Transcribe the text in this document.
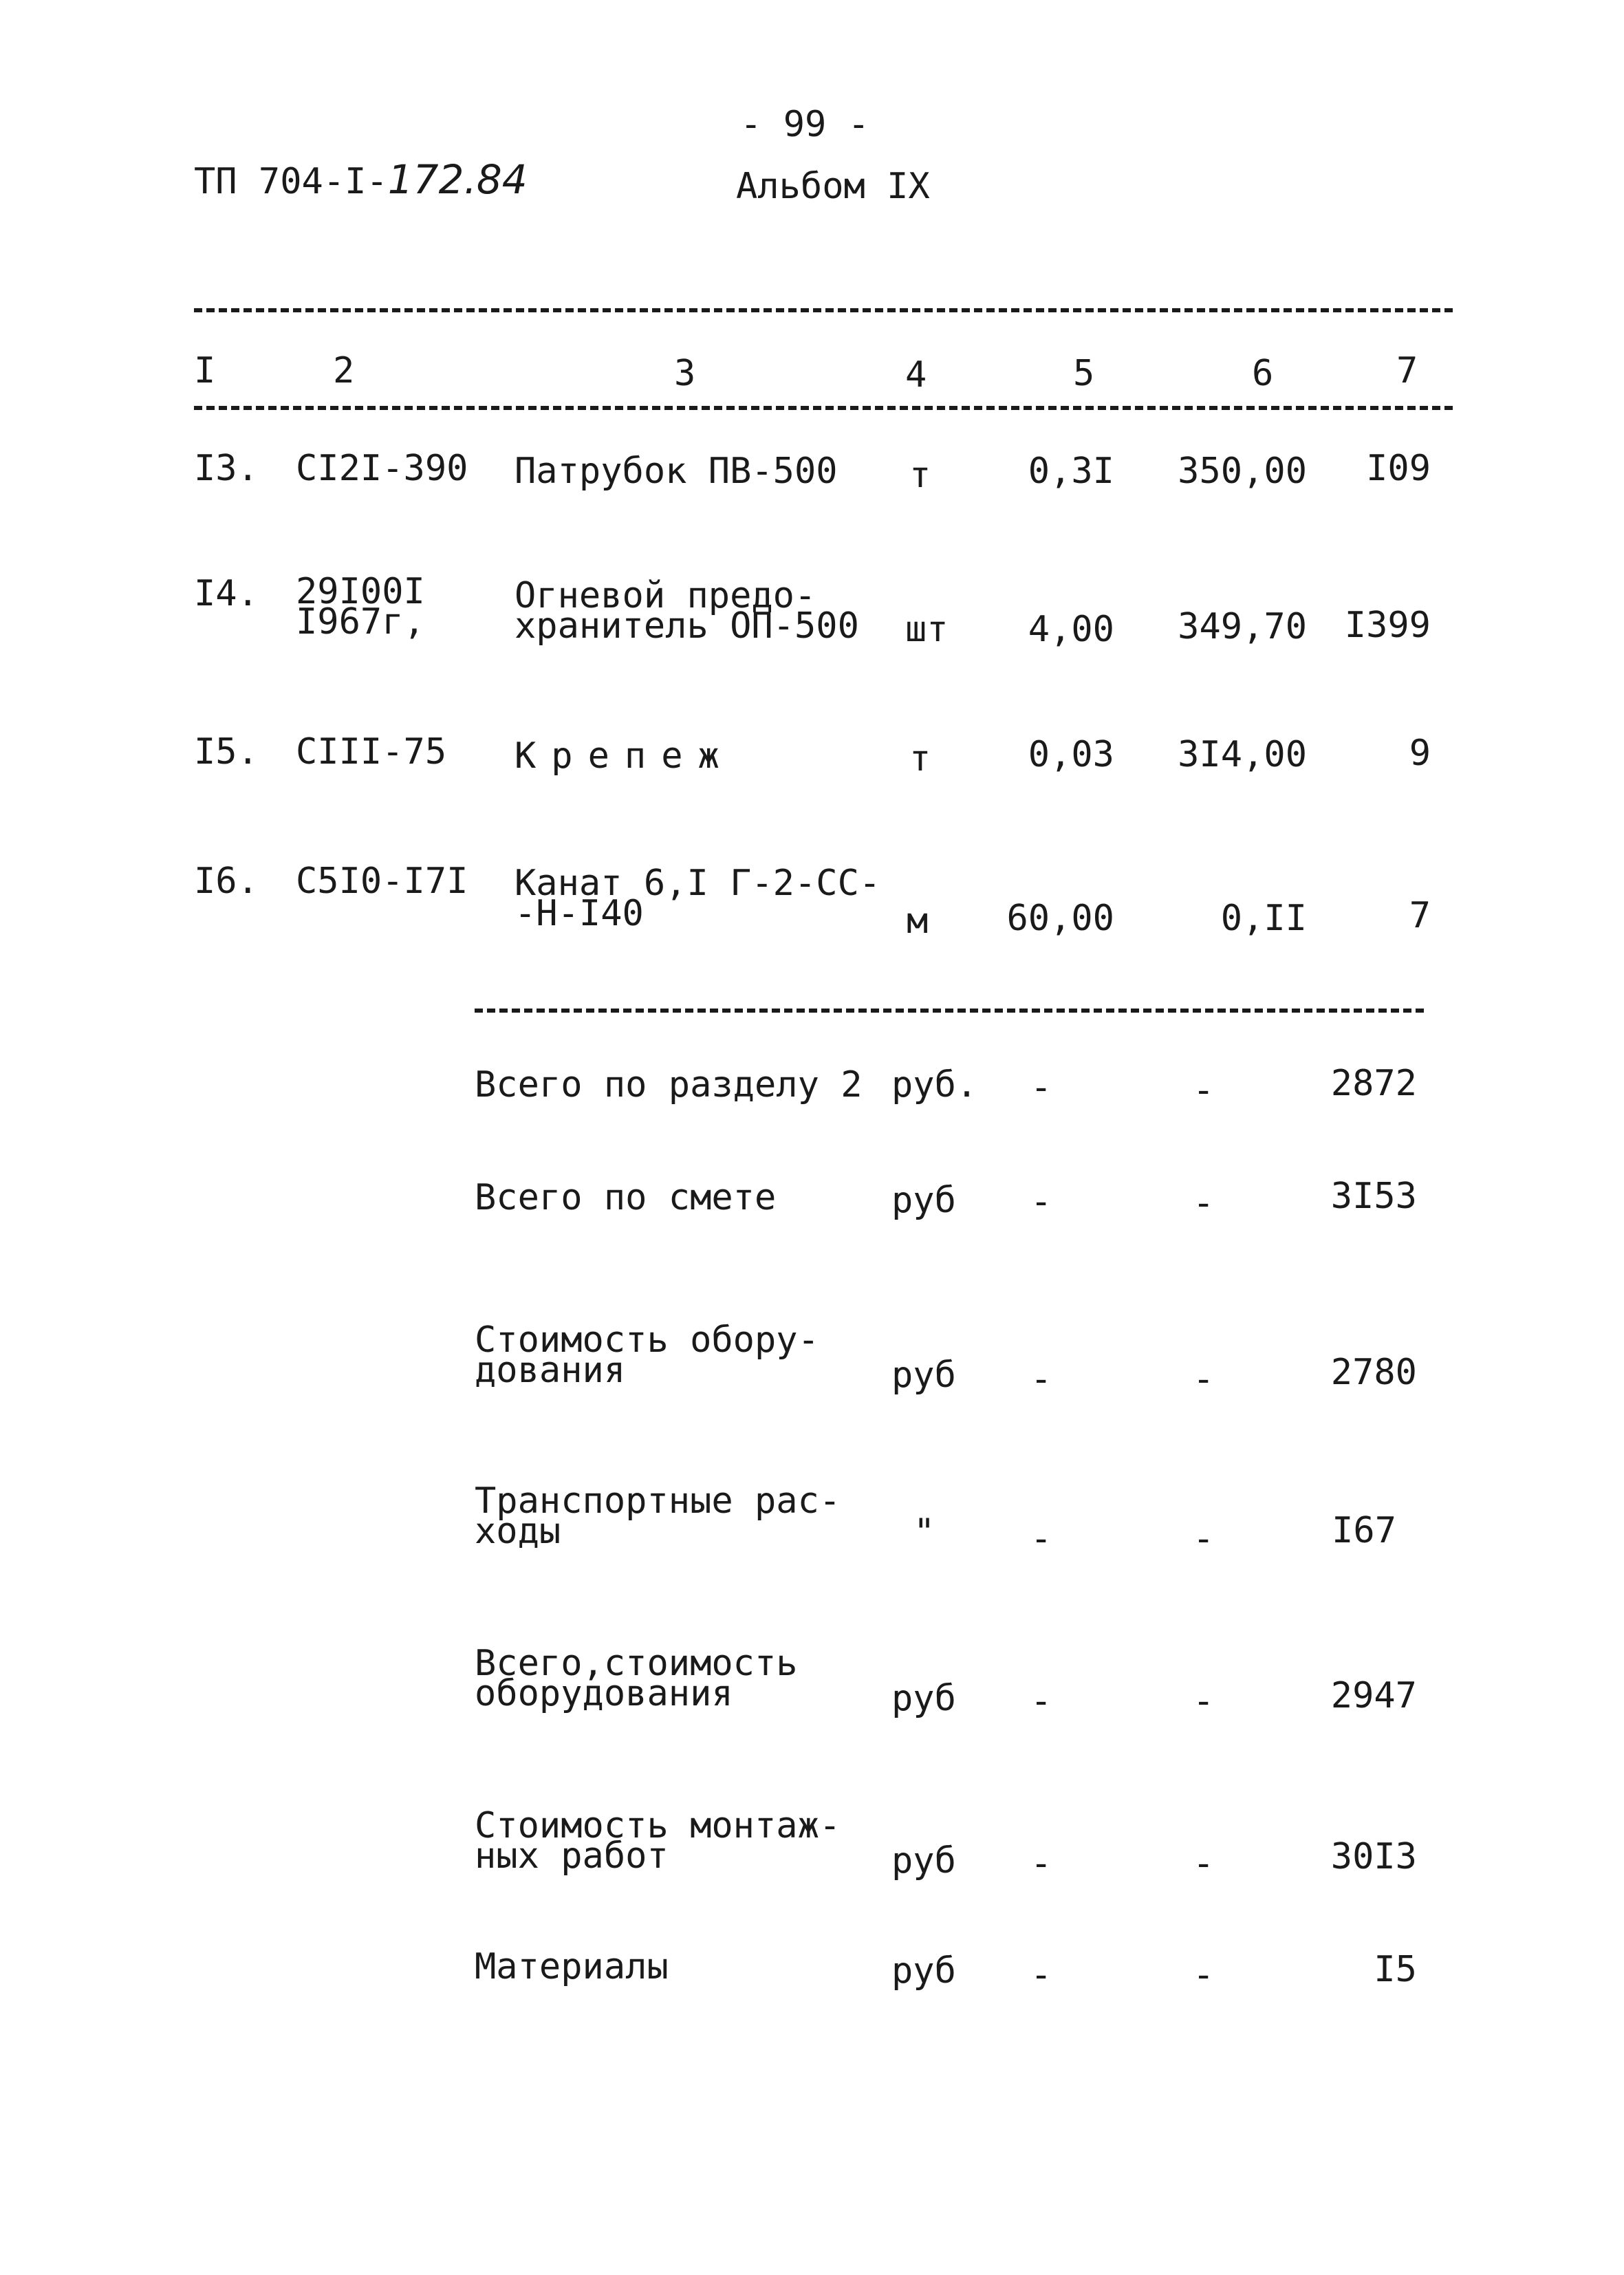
- 99 -
ТП 704-I-172.84	Альбом IX
I	2	3	4	5	6	7
I3. CI2I-390 Патрубок ПВ-500 т	0,3I 350,00	I09
I4. 29I00I
I967г,
Огневой предо-
хранитель ОП-500 шт	4,00 349,70	I399
I5. CIII-75 Крепеж	т	0,03 3I4,00	9
I6. C5I0-I7I Канат 6,I Г-2-СС-
-Н-I40	м	60,00	0,II	7
Всего по разделу 2 руб. -	-	2872
Всего по смете	руб -	-	3I53
Стоимость обору-
дования	руб -	-	2780
Транспортные рас-
ходы	"	-	-	I67
Всего,стоимость
оборудования	руб -	-	2947
Стоимость монтаж-
ных работ	руб -	-	30I3
Материалы	руб -	-	I5
